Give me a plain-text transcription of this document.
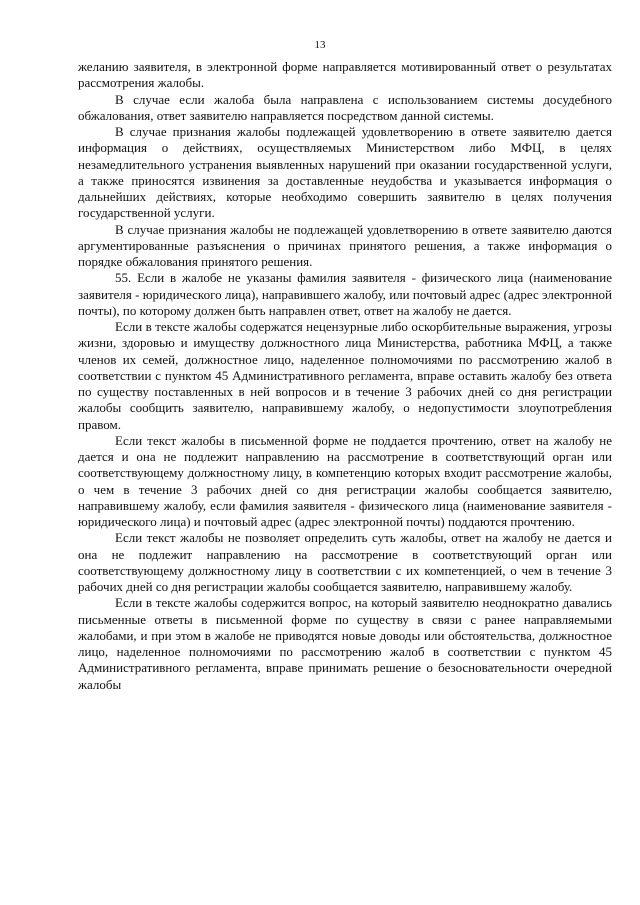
13

желанию заявителя, в электронной форме направляется мотивированный ответ о результатах рассмотрения жалобы.

В случае если жалоба была направлена с использованием системы досудебного обжалования, ответ заявителю направляется посредством данной системы.

В случае признания жалобы подлежащей удовлетворению в ответе заявителю дается информация о действиях, осуществляемых Министерством либо МФЦ, в целях незамедлительного устранения выявленных нарушений при оказании государственной услуги, а также приносятся извинения за доставленные неудобства и указывается информация о дальнейших действиях, которые необходимо совершить заявителю в целях получения государственной услуги.

В случае признания жалобы не подлежащей удовлетворению в ответе заявителю даются аргументированные разъяснения о причинах принятого решения, а также информация о порядке обжалования принятого решения.

55. Если в жалобе не указаны фамилия заявителя - физического лица (наименование заявителя - юридического лица), направившего жалобу, или почтовый адрес (адрес электронной почты), по которому должен быть направлен ответ, ответ на жалобу не дается.

Если в тексте жалобы содержатся нецензурные либо оскорбительные выражения, угрозы жизни, здоровью и имуществу должностного лица Министерства, работника МФЦ, а также членов их семей, должностное лицо, наделенное полномочиями по рассмотрению жалоб в соответствии с пунктом 45 Административного регламента, вправе оставить жалобу без ответа по существу поставленных в ней вопросов и в течение 3 рабочих дней со дня регистрации жалобы сообщить заявителю, направившему жалобу, о недопустимости злоупотребления правом.

Если текст жалобы в письменной форме не поддается прочтению, ответ на жалобу не дается и она не подлежит направлению на рассмотрение в соответствующий орган или соответствующему должностному лицу, в компетенцию которых входит рассмотрение жалобы, о чем в течение 3 рабочих дней со дня регистрации жалобы сообщается заявителю, направившему жалобу, если фамилия заявителя - физического лица (наименование заявителя - юридического лица) и почтовый адрес (адрес электронной почты) поддаются прочтению.

Если текст жалобы не позволяет определить суть жалобы, ответ на жалобу не дается и она не подлежит направлению на рассмотрение в соответствующий орган или соответствующему должностному лицу в соответствии с их компетенцией, о чем в течение 3 рабочих дней со дня регистрации жалобы сообщается заявителю, направившему жалобу.

Если в тексте жалобы содержится вопрос, на который заявителю неоднократно давались письменные ответы в письменной форме по существу в связи с ранее направляемыми жалобами, и при этом в жалобе не приводятся новые доводы или обстоятельства, должностное лицо, наделенное полномочиями по рассмотрению жалоб в соответствии с пунктом 45 Административного регламента, вправе принимать решение о безосновательности очередной жалобы
